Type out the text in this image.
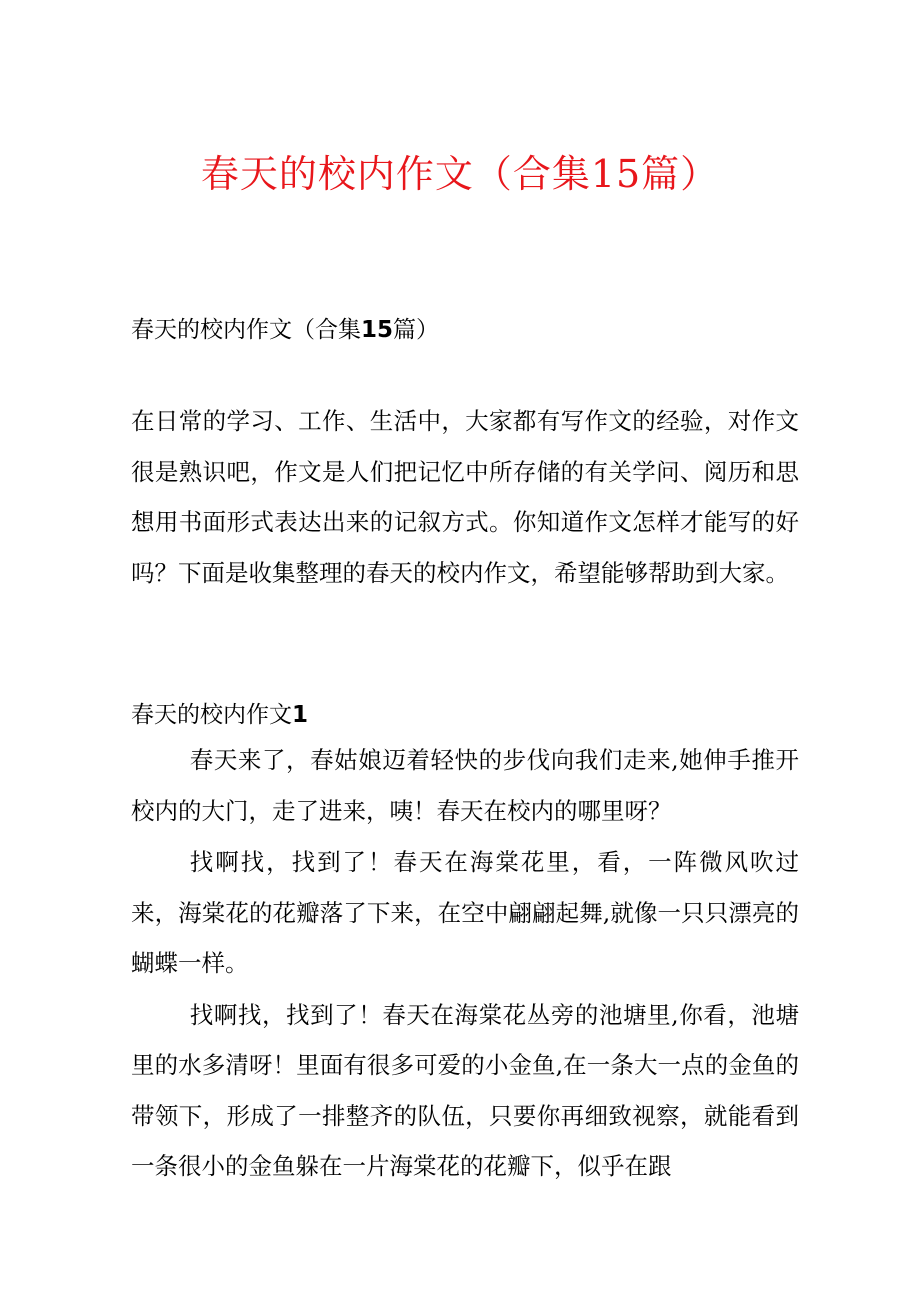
春天的校内作文（合集15篇）
春天的校内作文（合集15篇）
在日常的学习、工作、生活中，大家都有写作文的经验，对作文很是熟识吧，作文是人们把记忆中所存储的有关学问、阅历和思想用书面形式表达出来的记叙方式。你知道作文怎样才能写的好吗？下面是收集整理的春天的校内作文，希望能够帮助到大家。
春天的校内作文1

春天来了，春姑娘迈着轻快的步伐向我们走来,她伸手推开校内的大门，走了进来，咦！春天在校内的哪里呀？

找啊找，找到了！春天在海棠花里，看，一阵微风吹过来，海棠花的花瓣落了下来，在空中翩翩起舞,就像一只只漂亮的蝴蝶一样。

找啊找，找到了！春天在海棠花丛旁的池塘里,你看，池塘里的水多清呀！里面有很多可爱的小金鱼,在一条大一点的金鱼的带领下，形成了一排整齐的队伍，只要你再细致视察，就能看到一条很小的金鱼躲在一片海棠花的花瓣下，似乎在跟
